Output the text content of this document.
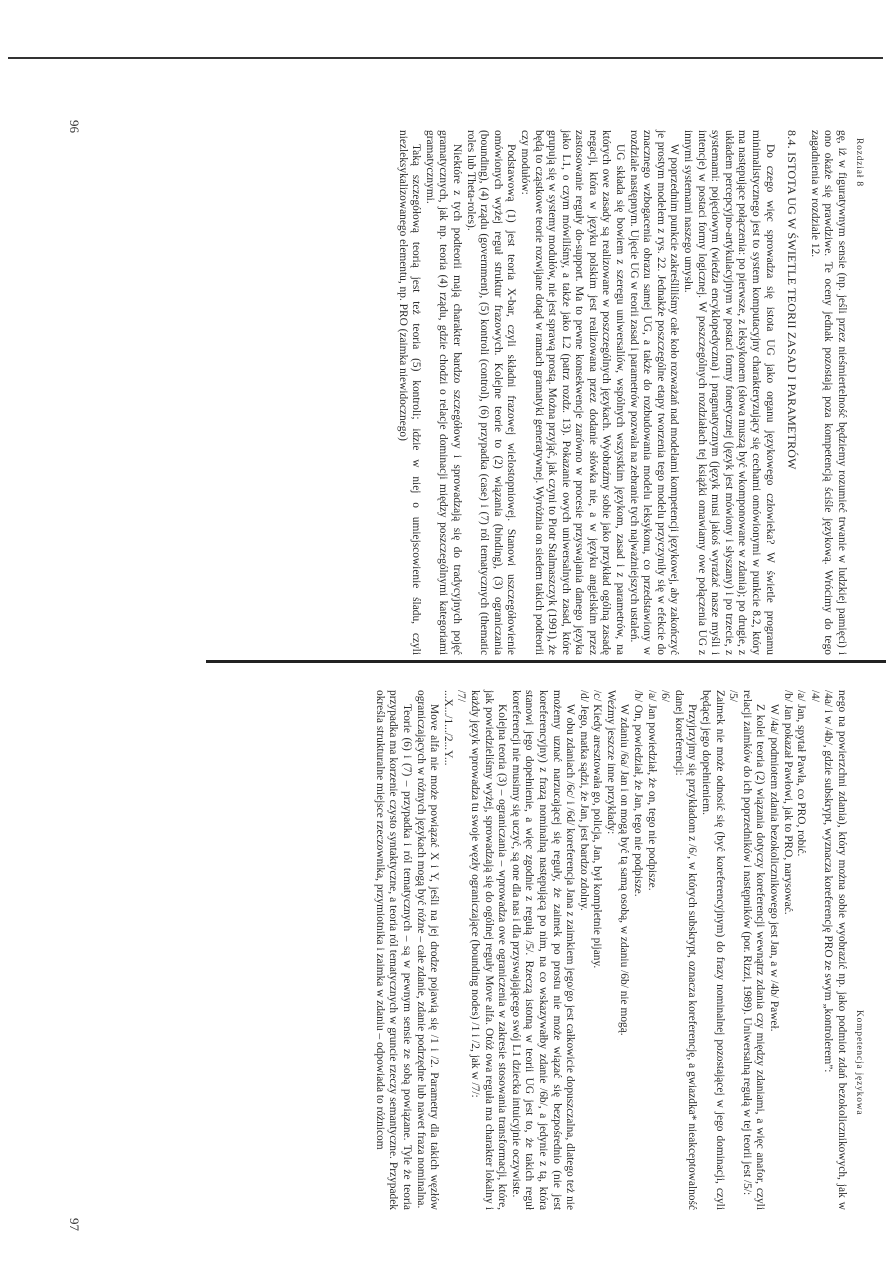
Rozdział 8
96
Kompetencja językowa
97

gę, iż w figuratywnym sensie (np. jeśli przez nieśmiertelność będziemy rozumieć trwanie w ludzkiej pamięci) i ono okaże się prawdziwe. Te oceny jednak pozostają poza kompetencją ściśle językową. Wrócimy do tego zagadnienia w rozdziale 12.

8.4. ISTOTA UG W ŚWIETLE TEORII ZASAD I PARAMETRÓW

Do czego więc sprowadza się istota UG jako organu językowego człowieka? W świetle programu minimalistycznego jest to system komputacyjny charakteryzujący się cechami omówionymi w punkcie 8.2, który ma następujące połączenia: po pierwsze, z leksykonem (słowa muszą być wkomponowane w zdania); po drugie, z układem percepcyjno-artykulacyjnym w postaci formy fonetycznej (język jest mówiony i słyszany) i po trzecie, z systemami: pojęciowym (wiedza encyklopedyczna) i pragmatycznym (język musi jakoś wyrażać nasze myśli i intencje) w postaci formy logicznej. W poszczególnych rozdziałach tej książki omawiamy owe połączenia UG z innymi systemami naszego umysłu.

W poprzednim punkcie zakreśliliśmy całe koło rozważań nad modelami kompetencji językowej, aby zakończyć je prostym modelem z rys. 22. Jednakże poszczególne etapy tworzenia tego modelu przyczyniły się w efekcie do znacznego wzbogacenia obrazu samej UG, a także do rozbudowania modelu leksykonu, co przedstawiony w rozdziale następnym. Ujęcie UG w teorii zasad i parametrów pozwala na zebranie tych najważniejszych ustaleń.

UG składa się bowiem z szeregu uniwersaliów, wspólnych wszystkim językom, zasad i z parametrów, na których owe zasady są realizowane w poszczególnych językach. Wyobraźmy sobie jako przykład ogólną zasadę negacji, która w języku polskim jest realizowana przez dodanie słówka nie, a w języku angielskim przez zastosowanie reguły do-support. Ma to pewne konsekwencje zarówno w procesie przyswajania danego języka jako L1, o czym mówiliśmy, a także jako L2 (patrz rozdz. 13). Pokazanie owych uniwersalnych zasad, które grupują się w systemy modułów, nie jest sprawą prostą. Można przyjąć, jak czyni to Piotr Stalmaszczyk (1991), że będą to cząstkowe teorie rozwijane dotąd w ramach gramatyki generatywnej. Wyróżnia on siedem takich podteorii czy modułów:

Podstawową (1) jest teoria X-bar, czyli składni frazowej wielostopniowej. Stanowi uszczegółowienie omówionych wyżej reguł struktur frazowych. Kolejne teorie to (2) wiązania (binding), (3) ograniczania (bounding), (4) rządu (government), (5) kontroli (control), (6) przypadka (case) i (7) ról tematycznych (thematic roles lub Theta-roles).

Niektóre z tych podteorii mają charakter bardzo szczegółowy i sprowadzają się do tradycyjnych pojęć gramatycznych, jak np. teoria (4) rządu, gdzie chodzi o relacje dominacji między poszczególnymi kategoriami gramatycznymi.

Taką szczegółową teorią jest też teoria (5) kontroli; idzie w niej o umiejscowienie śladu, czyli niezleksykalizowanego elementu, np. PRO (zaimka niewidocznego)

nego na powierzchni zdania), który można sobie wyobrazić np. jako podmiot zdań bezokolicznikowych, jak w /4a/ i w /4b/, gdzie subskrypt, wyznacza koreferencję PRO ze swym „kontrolerem”:

/4/
/a/ Jan, spytał Pawła, co PRO, robić.
/b/ Jan pokazał Pawłowi, jak to PRO, narysować.

W /4a/ podmiotem zdania bezokolicznikowego jest Jan, a w /4b/ Paweł.

Z kolei teoria (2) wiązania dotyczy koreferencji wewnątrz zdania czy między zdaniami, a więc anafor, czyli relacji zaimków do ich poprzedników i następników (por. Rizzi, 1989). Uniwersalną regułą w tej teorii jest /5/:

/5/
Zaimek nie może odnosić się (być koreferencyjnym) do frazy nominalnej pozostającej w jego dominacji, czyli będącej jego dopełnieniem.

Przyjrzyjmy się przykładom z /6/, w których subskrypt, oznacza koreferencję, a gwiazdka* nieakceptowalność danej koreferencji:

/6/
/a/ Jan powiedział, że on, tego nie podpisze.
/b/ On, powiedział, że Jan, tego nie podpisze.

W zdaniu /6a/ Jan i on mogą być tą samą osobą, w zdaniu /6b/ nie mogą.

Weźmy jeszcze inne przykłady:

/c/ Kiedy aresztowała go, policja, Jan, był kompletnie pijany.
/d/ Jego, matka sądzi, że Jan, jest bardzo zdolny.

W obu zdaniach /6c/ i /6d/ koreferencja Jana z zaimkiem jego/go jest całkowicie dopuszczalna, dlatego też nie możemy uznać narzucającej się reguły, że zaimek po prostu nie może wiązać się bezpośrednio (nie jest koreferencyjny) z frazą nominalną następującą po nim, na co wskazywałby zdanie /6b/, a jedynie z tą, która stanowi jego dopełnienie, a więc zgodnie z regułą /5/. Rzeczą istotną w teorii UG jest to, że takich reguł koreferencji nie musimy się uczyć, są one dla nas i dla przyswajającego swój L1 dziecka intuicyjnie oczywiste.

Kolejna teoria (3) – ograniczania – wprowadza owe ograniczenia w zakresie stosowania transformacji, które, jak powiedzieliśmy wyżej, sprowadzają się do ogólnej reguły Move alfa. Otóż owa reguła ma charakter lokalny i każdy język wprowadza tu swoje węzły ograniczające (bounding nodes) /1 i /2, jak w /7/:

/7/
...X.../1.../2...Y...

Move alfa nie może powiązać X i Y, jeśli na jej drodze pojawią się /1 i /2. Parametry dla takich węzłów ograniczających w różnych językach mogą być różne – całe zdanie, zdanie podrzędne lub nawet fraza nominalna.

Teorie (6) i (7) – przypadka i ról tematycznych – są w pewnym sensie ze sobą powiązane. Tyle że teoria przypadka ma korzenie czysto syntaktyczne, a teoria ról tematycznych w gruncie rzeczy semantyczne. Przypadek określa strukturalne miejsce rzeczownika, przymiotnika i zaimka w zdaniu – odpowiada to różnicom
